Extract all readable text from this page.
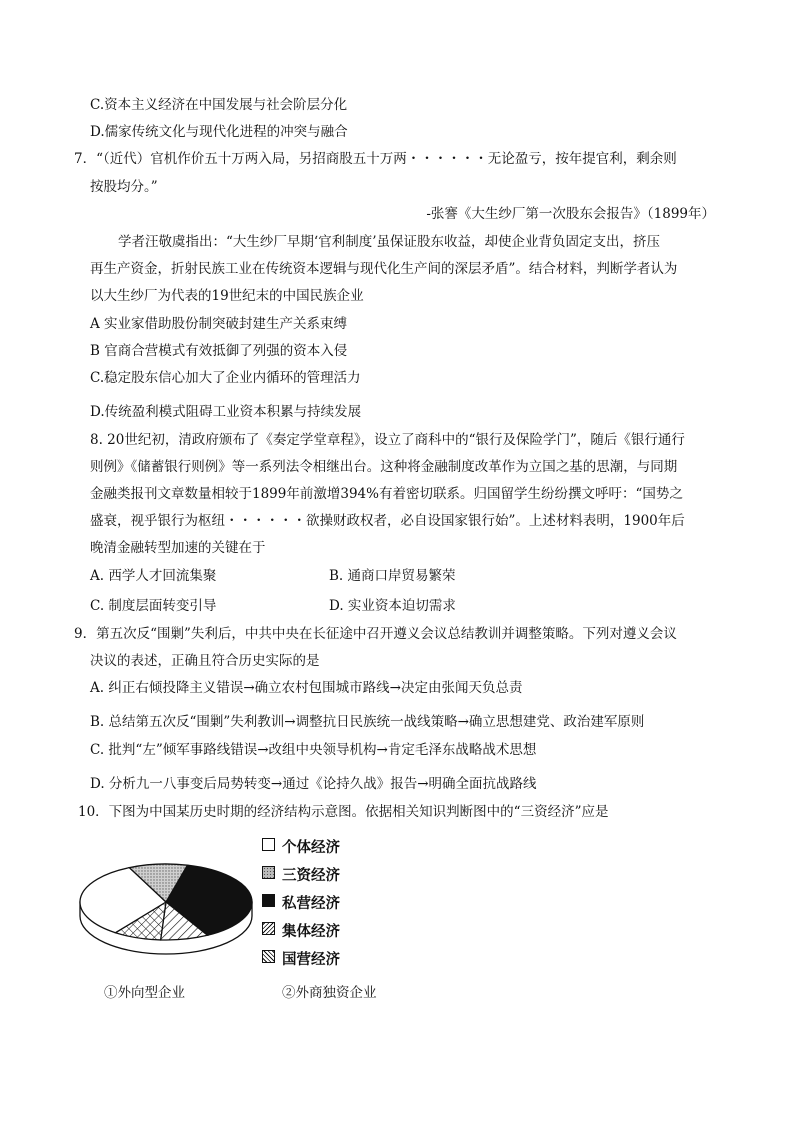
C.资本主义经济在中国发展与社会阶层分化
D.儒家传统文化与现代化进程的冲突与融合
7．“（近代）官机作价五十万两入局，另招商股五十万两・・・・・・无论盈亏，按年提官利，剩余则
按股均分。”
-张謇《大生纱厂第一次股东会报告》（1899年）
学者汪敬虞指出：“大生纱厂早期‘官利制度’虽保证股东收益，却使企业背负固定支出，挤压
再生产资金，折射民族工业在传统资本逻辑与现代化生产间的深层矛盾”。结合材料，判断学者认为
以大生纱厂为代表的19世纪末的中国民族企业
A 实业家借助股份制突破封建生产关系束缚
B 官商合营模式有效抵御了列强的资本入侵
C.稳定股东信心加大了企业内循环的管理活力
D.传统盈利模式阻碍工业资本积累与持续发展
8. 20世纪初，清政府颁布了《奏定学堂章程》，设立了商科中的“银行及保险学门”，随后《银行通行
则例》《储蓄银行则例》等一系列法令相继出台。这种将金融制度改革作为立国之基的思潮，与同期
金融类报刊文章数量相较于1899年前激增394%有着密切联系。归国留学生纷纷撰文呼吁：“国势之
盛衰，视乎银行为枢纽・・・・・・欲操财政权者，必自设国家银行始”。上述材料表明，1900年后
晚清金融转型加速的关键在于
A. 西学人才回流集聚	B. 通商口岸贸易繁荣
C. 制度层面转变引导	D. 实业资本迫切需求
9．第五次反“围剿”失利后，中共中央在长征途中召开遵义会议总结教训并调整策略。下列对遵义会议
决议的表述，正确且符合历史实际的是
A. 纠正右倾投降主义错误→确立农村包围城市路线→决定由张闻天负总责
B. 总结第五次反“围剿”失利教训→调整抗日民族统一战线策略→确立思想建党、政治建军原则
C. 批判“左”倾军事路线错误→改组中央领导机构→肯定毛泽东战略战术思想
D. 分析九一八事变后局势转变→通过《论持久战》报告→明确全面抗战路线
10．下图为中国某历史时期的经济结构示意图。依据相关知识判断图中的“三资经济”应是
个体经济
三资经济
私营经济
集体经济
国营经济
①外向型企业	②外商独资企业
